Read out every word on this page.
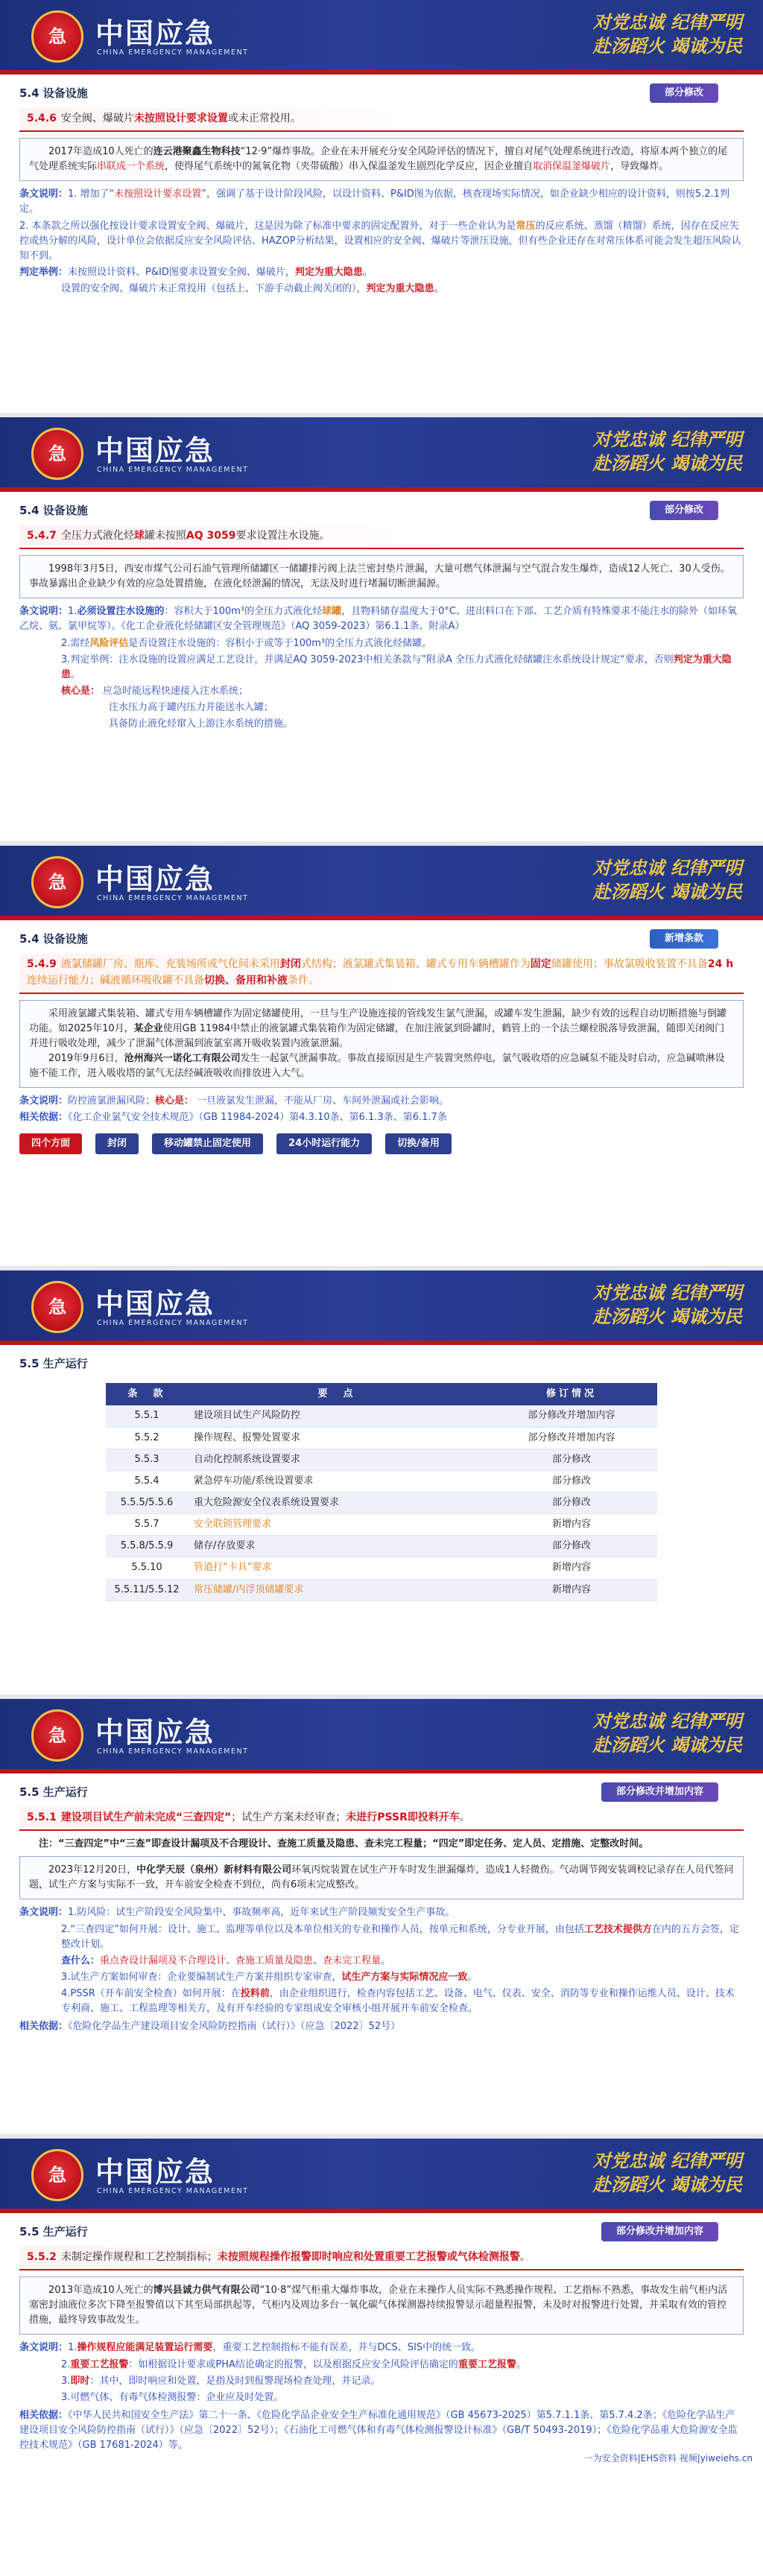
急 中国应急
CHINA EMERGENCY MANAGEMENT
对党忠诚 纪律严明
赴汤蹈火 竭诚为民
5.4 设备设施	部分修改
5.4.6 安全阀、爆破片未按照设计要求设置或未正常投用。

2017年造成10人死亡的连云港聚鑫生物科技“12·9”爆炸事故。企业在未开展充分安全风险评估的情况下，擅自对尾气处理系统进行改造，将原本两个独立的尾气处理系统实际串联成一个系统，使得尾气系统中的氮氧化物（夹带硫酸）串入保温釜发生剧烈化学反应，因企业擅自取消保温釜爆破片，导致爆炸。

条文说明：1. 增加了“未按照设计要求设置”，强调了基于设计阶段风险，以设计资料、P&ID图为依据，核查现场实际情况，如企业缺少相应的设计资料，则按5.2.1判定。

2. 本条款之所以强化按设计要求设置安全阀、爆破片，这是因为除了标准中要求的固定配置外，对于一些企业认为是常压的反应系统、蒸馏（精馏）系统，因存在反应失控或热分解的风险，设计单位会依据反应安全风险评估、HAZOP分析结果，设置相应的安全阀、爆破片等泄压设施，但有些企业还存在对常压体系可能会发生超压风险认知不到。

判定举例：未按照设计资料、P&ID图要求设置安全阀、爆破片，判定为重大隐患。

设置的安全阀、爆破片未正常投用（包括上、下游手动截止阀关闭的），判定为重大隐患。

急 中国应急
CHINA EMERGENCY MANAGEMENT
对党忠诚 纪律严明
赴汤蹈火 竭诚为民
5.4 设备设施	部分修改
5.4.7 全压力式液化烃球罐未按照AQ 3059要求设置注水设施。

1998年3月5日，西安市煤气公司石油气管理所储罐区一储罐排污阀上法兰密封垫片泄漏，大量可燃气体泄漏与空气混合发生爆炸，造成12人死亡、30人受伤。事故暴露出企业缺少有效的应急处置措施，在液化烃泄漏的情况，无法及时进行堵漏切断泄漏源。

条文说明：1.必须设置注水设施的：容积大于100m³的全压力式液化烃球罐，且物料储存温度大于0°C、进出料口在下部、工艺介质有特殊要求不能注水的除外（如环氧乙烷、氨、氯甲烷等）。《化工企业液化烃储罐区安全管理规范》（AQ 3059-2023）第6.1.1条、附录A）

2.需经风险评估是否设置注水设施的：容积小于或等于100m³的全压力式液化烃储罐。

3.判定举例：注水设施的设置应满足工艺设计，并满足AQ 3059-2023中相关条款与”附录A 全压力式液化烃储罐注水系统设计规定“要求，否则判定为重大隐患。

核心是： 应急时能远程快速接入注水系统；

注水压力高于罐内压力并能送水入罐；

具备防止液化烃窜入上游注水系统的措施。

急 中国应急
CHINA EMERGENCY MANAGEMENT
对党忠诚 纪律严明
赴汤蹈火 竭诚为民
5.4 设备设施	新增条款
5.4.9 液氯储罐厂房、瓶库、充装场所或气化间未采用封闭式结构；液氯罐式集装箱、罐式专用车辆槽罐作为固定储罐使用；事故氯吸收装置不具备24 h连续运行能力；碱液循环吸收罐不具备切换、备用和补液条件。

采用液氯罐式集装箱、罐式专用车辆槽罐作为固定储罐使用，一旦与生产设施连接的管线发生氯气泄漏，或罐车发生泄漏，缺少有效的远程自动切断措施与倒罐功能。如2025年10月，某企业使用GB 11984中禁止的液氯罐式集装箱作为固定储罐，在加注液氯到卧罐时，鹤管上的一个法兰螺栓脱落导致泄漏，随即关闭阀门并进行吸收处理，减少了泄漏气体泄漏到液氯室离开吸收装置内液氯泄漏。

2019年9月6日，沧州海兴一诺化工有限公司发生一起氯气泄漏事故。事故直接原因是生产装置突然停电，氯气吸收塔的应急碱泵不能及时启动，应急碱喷淋设施不能工作，进入吸收塔的氯气无法经碱液吸收而排放进入大气。

条文说明：防控液氯泄漏风险；核心是： 一旦液氯发生泄漏，不能从厂房、车间外泄漏或社会影响。

相关依据：《化工企业氯气安全技术规范》（GB 11984-2024）第4.3.10条、第6.1.3条、第6.1.7条

四个方面	封闭	移动罐禁止固定使用	24小时运行能力	切换/备用
急 中国应急
CHINA EMERGENCY MANAGEMENT
对党忠诚 纪律严明
赴汤蹈火 竭诚为民
5.5 生产运行
条　款	要　点	修订情况
5.5.1	建设项目试生产风险防控	部分修改并增加内容
5.5.2	操作规程、报警处置要求	部分修改并增加内容
5.5.3	自动化控制系统设置要求	部分修改
5.5.4	紧急停车功能/系统设置要求	部分修改
5.5.5/5.5.6	重大危险源安全仪表系统设置要求	部分修改
5.5.7	安全联锁管理要求	新增内容
5.5.8/5.5.9	储存/存放要求	部分修改
5.5.10	管道打“卡具”要求	新增内容
5.5.11/5.5.12	常压储罐/内浮顶储罐要求	新增内容
急 中国应急
CHINA EMERGENCY MANAGEMENT
对党忠诚 纪律严明
赴汤蹈火 竭诚为民
5.5 生产运行	部分修改并增加内容
5.5.1 建设项目试生产前未完成“三查四定”；试生产方案未经审查；未进行PSSR即投料开车。

注：“三查四定”中“三查”即查设计漏项及不合理设计、查施工质量及隐患、查未完工程量；“四定”即定任务、定人员、定措施、定整改时间。

2023年12月20日，中化学天辰（泉州）新材料有限公司环氧丙烷装置在试生产开车时发生泄漏爆炸，造成1人轻微伤。气动调节阀安装调校记录存在人员代签问题，试生产方案与实际不一致，开车前安全检查不到位，尚有6项未完成整改。

条文说明：1.防风险：试生产阶段安全风险集中、事故频率高，近年来试生产阶段频发安全生产事故。

2.“三查四定”如何开展：设计、施工、监理等单位以及本单位相关的专业和操作人员，按单元和系统，分专业开展，由包括工艺技术提供方在内的五方会签，定整改计划。

查什么：重点查设计漏项及不合理设计、查施工质量及隐患、查未完工程量。

3.试生产方案如何审查：企业要编制试生产方案并组织专家审查，试生产方案与实际情况应一致。

4.PSSR（开车前安全检查）如何开展：在投料前，由企业组织进行，检查内容包括工艺、设备、电气、仪表、安全、消防等专业和操作运维人员、设计、技术专利商、施工、工程监理等相关方，及有开车经验的专家组成安全审核小组开展开车前安全检查。

相关依据：《危险化学品生产建设项目安全风险防控指南（试行）》（应急〔2022〕52号）

急 中国应急
CHINA EMERGENCY MANAGEMENT
对党忠诚 纪律严明
赴汤蹈火 竭诚为民
5.5 生产运行	部分修改并增加内容
5.5.2 未制定操作规程和工艺控制指标；未按照规程操作报警即时响应和处置重要工艺报警或气体检测报警。

2013年造成10人死亡的博兴县诚力供气有限公司“10·8”煤气柜重大爆炸事故，企业在未操作人员实际不熟悉操作规程、工艺指标不熟悉，事故发生前气柜内活塞密封油液位多次下降至报警值以下其至局部拱起等，气柜内及周边多台一氧化碳气体探测器持续报警显示超量程报警，未及时对报警进行处置，并采取有效的管控措施，最终导致事故发生。

条文说明：1.操作规程应能满足装置运行需要，重要工艺控制指标不能有误差，并与DCS、SIS中的统一致。

2.重要工艺报警：如根据设计要求或PHA结论确定的报警，以及根据反应安全风险评估确定的重要工艺报警。

3.即时：其中，即时响应和处置，是指及时到报警现场检查处理，并记录。

3.可燃气体、有毒气体检测报警：企业应及时处置。

相关依据：《中华人民共和国安全生产法》第二十一条、《危险化学品企业安全生产标准化通用规范》（GB 45673-2025）第5.7.1.1条、第5.7.4.2条；《危险化学品生产建设项目安全风险防控指南（试行）》（应急〔2022〕52号）；《石油化工可燃气体和有毒气体检测报警设计标准》（GB/T 50493-2019）；《危险化学品重大危险源安全监控技术规范》（GB 17681-2024）等。

一为安全资料|EHS资料 视频|yiweiehs.cn
